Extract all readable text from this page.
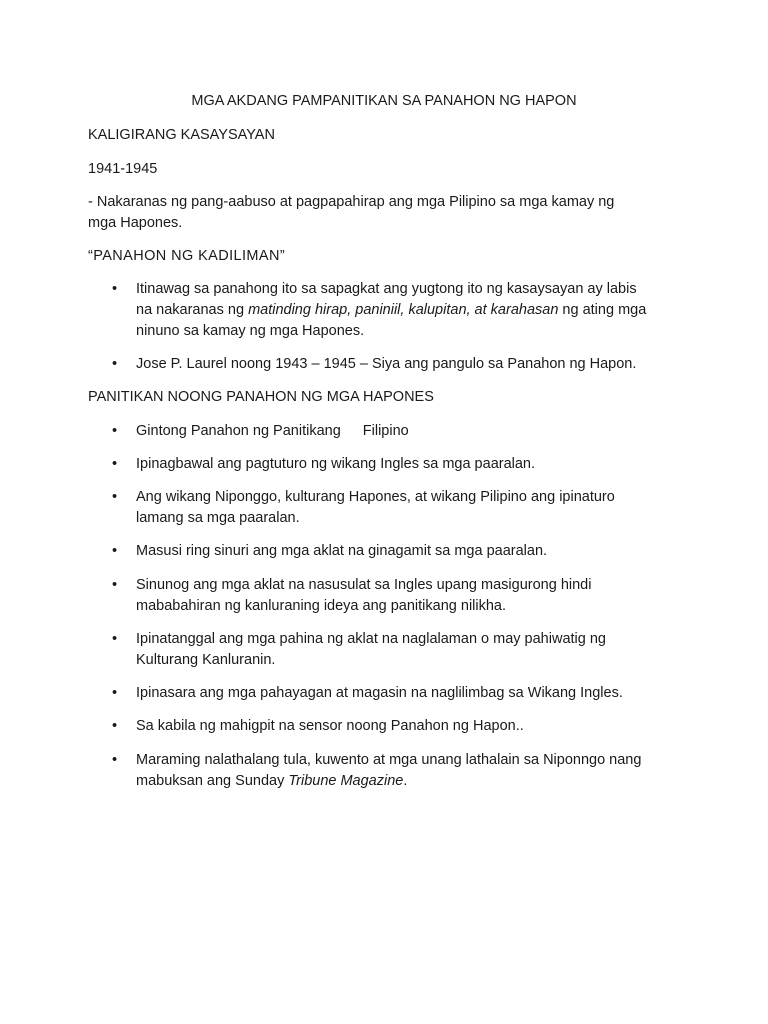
MGA AKDANG PAMPANITIKAN SA PANAHON NG HAPON
KALIGIRANG KASAYSAYAN
1941-1945
- Nakaranas ng pang-aabuso at pagpapahirap ang mga Pilipino sa mga kamay ng
mga Hapones.
“PANAHON NG KADILIMAN”
• Itinawag sa panahong ito sa sapagkat ang yugtong ito ng kasaysayan ay labis
na nakaranas ng matinding hirap, paniniil, kalupitan, at karahasan ng ating mga
ninuno sa kamay ng mga Hapones.
• Jose P. Laurel noong 1943 – 1945 – Siya ang pangulo sa Panahon ng Hapon.
PANITIKAN NOONG PANAHON NG MGA HAPONES
• Gintong Panahon ng Panitikang Filipino
• Ipinagbawal ang pagtuturo ng wikang Ingles sa mga paaralan.
• Ang wikang Niponggo, kulturang Hapones, at wikang Pilipino ang ipinaturo
lamang sa mga paaralan.
• Masusi ring sinuri ang mga aklat na ginagamit sa mga paaralan.
• Sinunog ang mga aklat na nasusulat sa Ingles upang masigurong hindi
mababahiran ng kanluraning ideya ang panitikang nilikha.
• Ipinatanggal ang mga pahina ng aklat na naglalaman o may pahiwatig ng
Kulturang Kanluranin.
• Ipinasara ang mga pahayagan at magasin na naglilimbag sa Wikang Ingles.
• Sa kabila ng mahigpit na sensor noong Panahon ng Hapon..
• Maraming nalathalang tula, kuwento at mga unang lathalain sa Niponngo nang
mabuksan ang Sunday Tribune Magazine.
